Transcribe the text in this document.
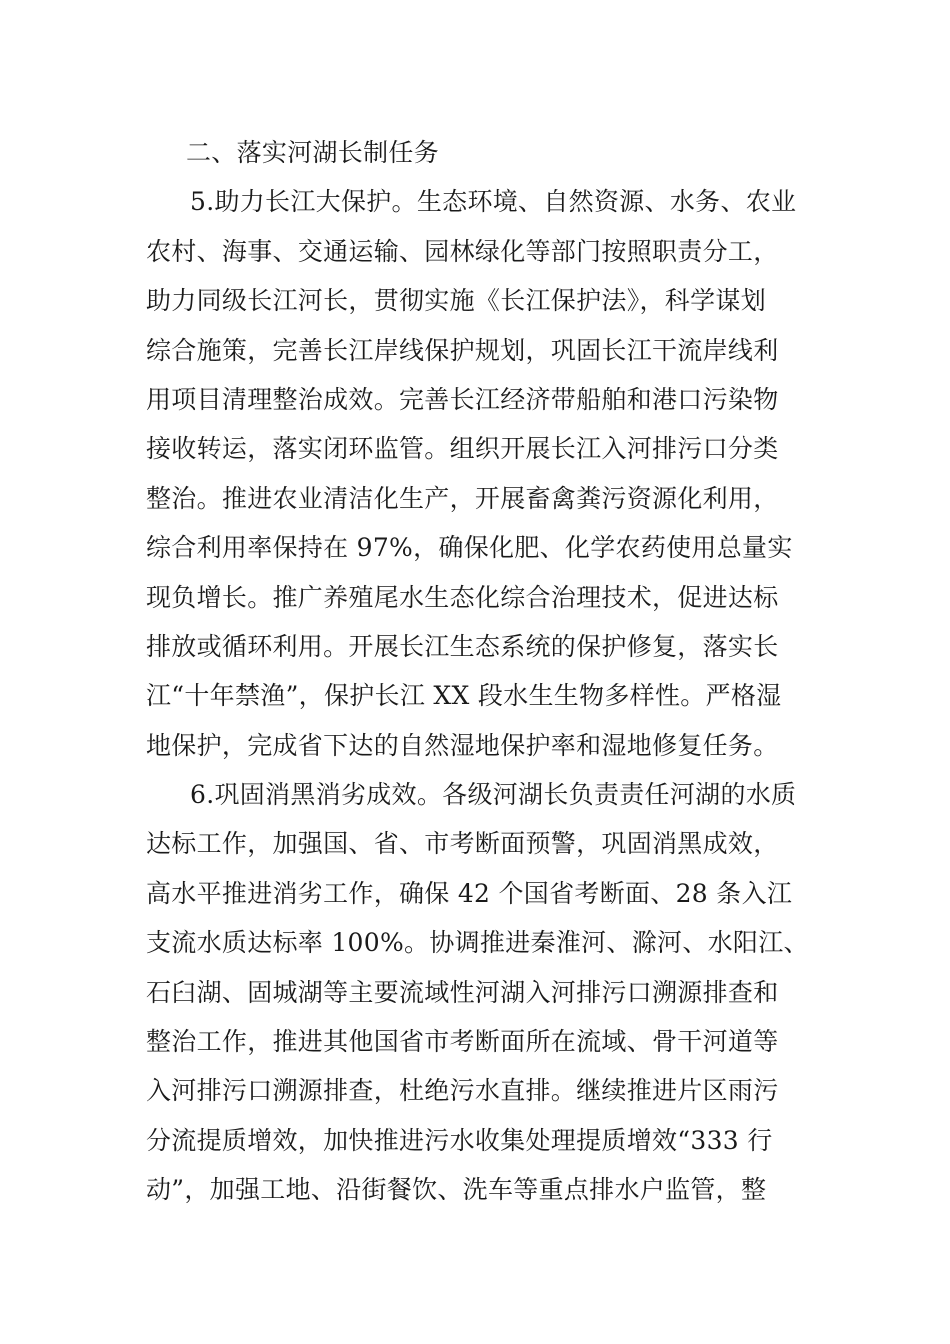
二、落实河湖长制任务
5.助力长江大保护。生态环境、自然资源、水务、农业
农村、海事、交通运输、园林绿化等部门按照职责分工，
助力同级长江河长，贯彻实施《长江保护法》，科学谋划
综合施策，完善长江岸线保护规划，巩固长江干流岸线利
用项目清理整治成效。完善长江经济带船舶和港口污染物
接收转运，落实闭环监管。组织开展长江入河排污口分类
整治。推进农业清洁化生产，开展畜禽粪污资源化利用，
综合利用率保持在 97%，确保化肥、化学农药使用总量实
现负增长。推广养殖尾水生态化综合治理技术，促进达标
排放或循环利用。开展长江生态系统的保护修复，落实长
江“十年禁渔”，保护长江 XX 段水生生物多样性。严格湿
地保护，完成省下达的自然湿地保护率和湿地修复任务。
6.巩固消黑消劣成效。各级河湖长负责责任河湖的水质
达标工作，加强国、省、市考断面预警，巩固消黑成效，
高水平推进消劣工作，确保 42 个国省考断面、28 条入江
支流水质达标率 100%。协调推进秦淮河、滁河、水阳江、
石臼湖、固城湖等主要流域性河湖入河排污口溯源排查和
整治工作，推进其他国省市考断面所在流域、骨干河道等
入河排污口溯源排查，杜绝污水直排。继续推进片区雨污
分流提质增效，加快推进污水收集处理提质增效“333 行
动”，加强工地、沿街餐饮、洗车等重点排水户监管，整
